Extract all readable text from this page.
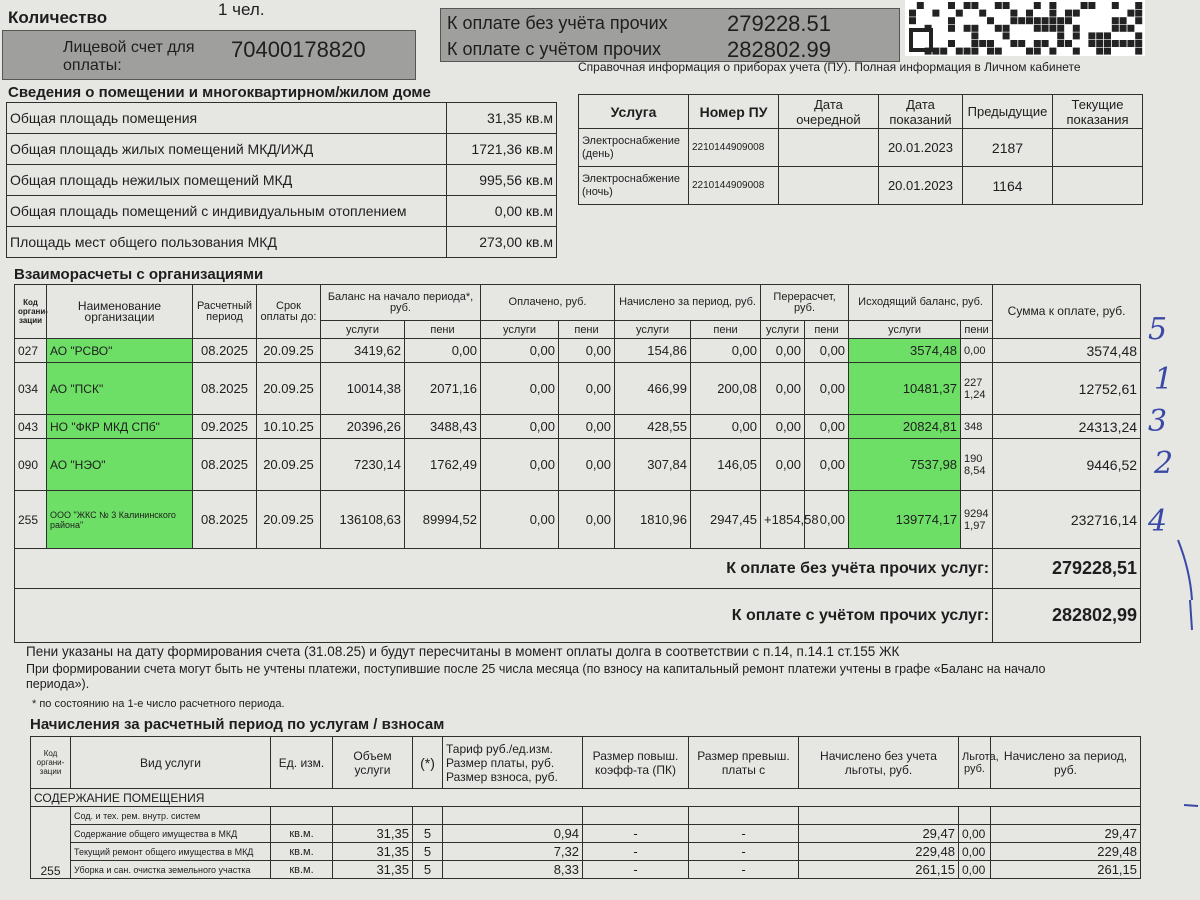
Количество	1 чел.
Лицевой счет для оплаты:
70400178820
К оплате без учёта прочих	279228.51
К оплате с учётом прочих	282802.99
Сведения о помещении и многоквартирном/жилом доме
Общая площадь помещения	31,35 кв.м
Общая площадь жилых помещений МКД/ИЖД	1721,36 кв.м
Общая площадь нежилых помещений МКД	995,56 кв.м
Общая площадь помещений с индивидуальным отоплением	0,00 кв.м
Площадь мест общего пользования МКД	273,00 кв.м
Справочная информация о приборах учета (ПУ). Полная информация в Личном кабинете
Услуга	Номер ПУ	Дата очередной	Дата показаний	Предыдущие	Текущие показания
Электроснабжение (день)	2210144909008		20.01.2023	2187	
Электроснабжение (ночь)	2210144909008		20.01.2023	1164	
Взаиморасчеты с организациями
Код органи-зации	Наименование организации	Расчетный период	Срок оплаты до:	Баланс на начало периода*, руб.		Оплачено, руб.		Начислено за период, руб.		Перерасчет, руб.		Исходящий баланс, руб.		Сумма к оплате, руб.
				услуги	пени	услуги	пени	услуги	пени	услуги	пени	услуги	пени	
027	АО "РСВО"	08.2025	20.09.25	3419,62	0,00	0,00	0,00	154,86	0,00	0,00	0,00	3574,48	0,00	3574,48
034	АО "ПСК"	08.2025	20.09.25	10014,38	2071,16	0,00	0,00	466,99	200,08	0,00	0,00	10481,37	2271,24	12752,61
043	НО "ФКР МКД СПб"	09.2025	10.10.25	20396,26	3488,43	0,00	0,00	428,55	0,00	0,00	0,00	20824,81	348	24313,24
090	АО "НЭО"	08.2025	20.09.25	7230,14	1762,49	0,00	0,00	307,84	146,05	0,00	0,00	7537,98	1908,54	9446,52
255	ООО "ЖКС № 3 Калининского района"	08.2025	20.09.25	136108,63	89994,52	0,00	0,00	1810,96	2947,45	+1854,58	0,00	139774,17	92941,97	232716,14
К оплате без учёта прочих услуг:														279228,51
К оплате с учётом прочих услуг:														282802,99
5
1
3
2
4
Пени указаны на дату формирования счета (31.08.25) и будут пересчитаны в момент оплаты долга в соответствии с п.14, п.14.1 ст.155 ЖК
При формировании счета могут быть не учтены платежи, поступившие после 25 числа месяца (по взносу на капитальный ремонт платежи учтены в графе «Баланс на начало периода»).
* по состоянию на 1-е число расчетного периода.
Начисления за расчетный период по услугам / взносам
Код органи-зации	Вид услуги	Ед. изм.	Объем услуги	(*)	Тариф руб./ед.изм. Размер платы, руб. Размер взноса, руб.	Размер повыш. коэфф-та (ПК)	Размер превыш. платы с	Начислено без учета льготы, руб.	Льгота, руб.	Начислено за период, руб.
СОДЕРЖАНИЕ ПОМЕЩЕНИЯ										
255	Сод. и тех. рем. внутр. систем									
	Содержание общего имущества в МКД	кв.м.	31,35	5	0,94	-	-	29,47	0,00	29,47
	Текущий ремонт общего имущества в МКД	кв.м.	31,35	5	7,32	-	-	229,48	0,00	229,48
	Уборка и сан. очистка земельного участка	кв.м.	31,35	5	8,33	-	-	261,15	0,00	261,15
